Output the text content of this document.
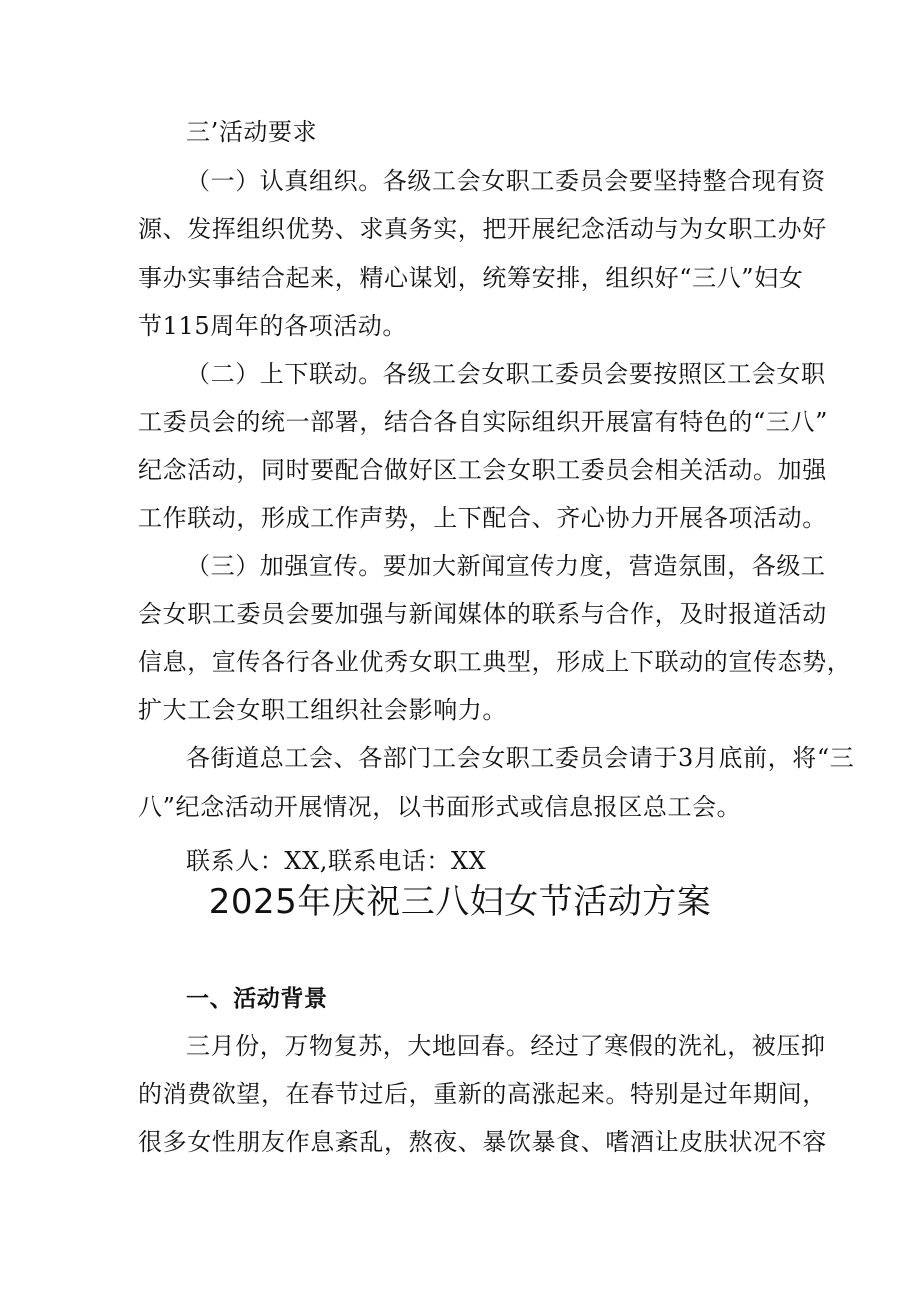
三’活动要求
（一）认真组织。各级工会女职工委员会要坚持整合现有资
源、发挥组织优势、求真务实，把开展纪念活动与为女职工办好
事办实事结合起来，精心谋划，统筹安排，组织好“三八”妇女
节115周年的各项活动。
（二）上下联动。各级工会女职工委员会要按照区工会女职
工委员会的统一部署，结合各自实际组织开展富有特色的“三八”
纪念活动，同时要配合做好区工会女职工委员会相关活动。加强
工作联动，形成工作声势，上下配合、齐心协力开展各项活动。
（三）加强宣传。要加大新闻宣传力度，营造氛围，各级工
会女职工委员会要加强与新闻媒体的联系与合作，及时报道活动
信息，宣传各行各业优秀女职工典型，形成上下联动的宣传态势，
扩大工会女职工组织社会影响力。
各街道总工会、各部门工会女职工委员会请于3月底前，将“三
八”纪念活动开展情况，以书面形式或信息报区总工会。
联系人：XX,联系电话：XX
2025年庆祝三八妇女节活动方案
一、活动背景
三月份，万物复苏，大地回春。经过了寒假的洗礼，被压抑
的消费欲望，在春节过后，重新的高涨起来。特别是过年期间，
很多女性朋友作息紊乱，熬夜、暴饮暴食、嗜酒让皮肤状况不容
